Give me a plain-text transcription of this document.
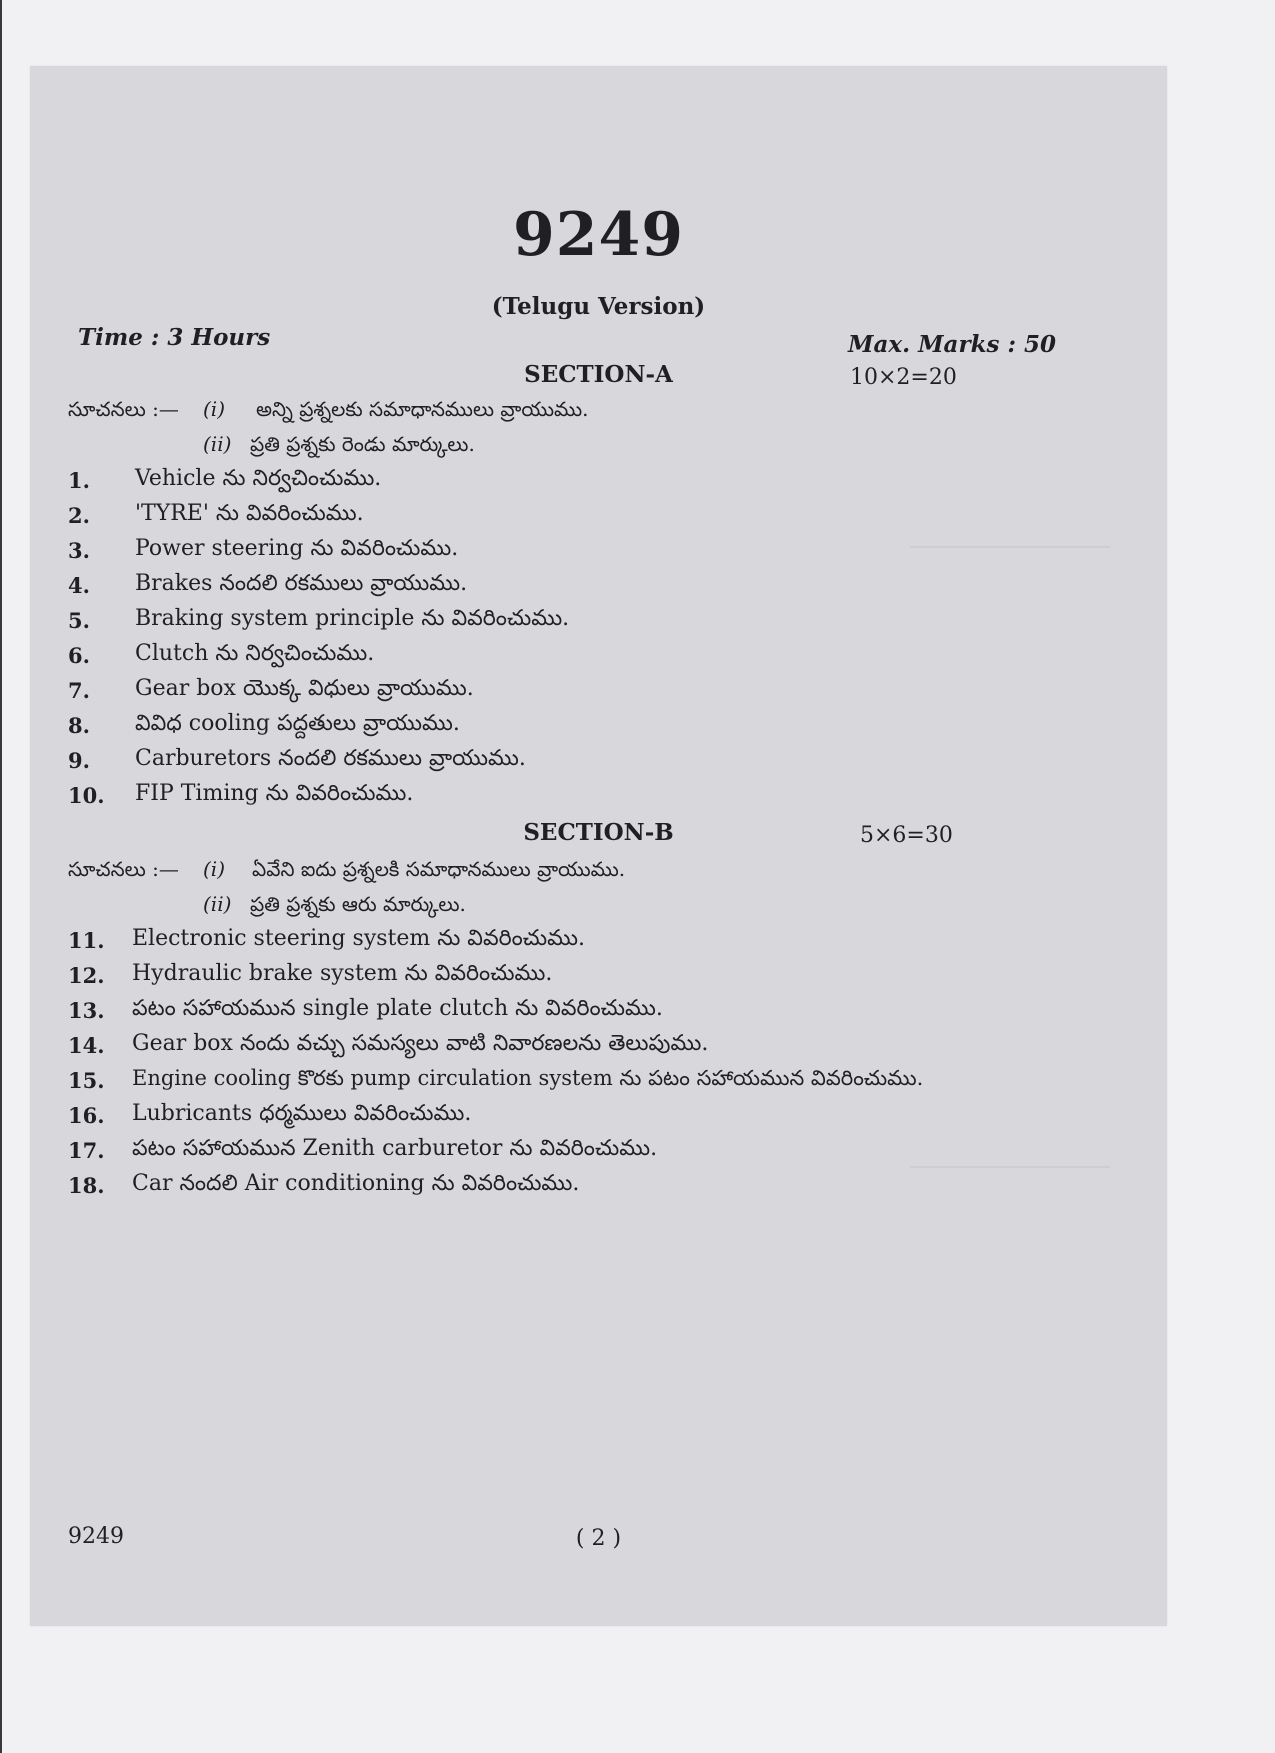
9249
(Telugu Version)
Time : 3 Hours	Max. Marks : 50
SECTION-A	10×2=20
సూచనలు :— (i) అన్ని ప్రశ్నలకు సమాధానములు వ్రాయుము.
(ii) ప్రతి ప్రశ్నకు రెండు మార్కులు.
1. Vehicle ను నిర్వచించుము.
2. 'TYRE' ను వివరించుము.
3. Power steering ను వివరించుము.
4. Brakes నందలి రకములు వ్రాయుము.
5. Braking system principle ను వివరించుము.
6. Clutch ను నిర్వచించుము.
7. Gear box యొక్క విధులు వ్రాయుము.
8. వివిధ cooling పద్దతులు వ్రాయుము.
9. Carburetors నందలి రకములు వ్రాయుము.
10. FIP Timing ను వివరించుము.
SECTION-B	5×6=30
సూచనలు :— (i) ఏవేని ఐదు ప్రశ్నలకి సమాధానములు వ్రాయుము.
(ii) ప్రతి ప్రశ్నకు ఆరు మార్కులు.
11. Electronic steering system ను వివరించుము.
12. Hydraulic brake system ను వివరించుము.
13. పటం సహాయమున single plate clutch ను వివరించుము.
14. Gear box నందు వచ్చు సమస్యలు వాటి నివారణలను తెలుపుము.
15. Engine cooling కొరకు pump circulation system ను పటం సహాయమున వివరించుము.
16. Lubricants ధర్మములు వివరించుము.
17. పటం సహాయమున Zenith carburetor ను వివరించుము.
18. Car నందలి Air conditioning ను వివరించుము.
9249	( 2 )
